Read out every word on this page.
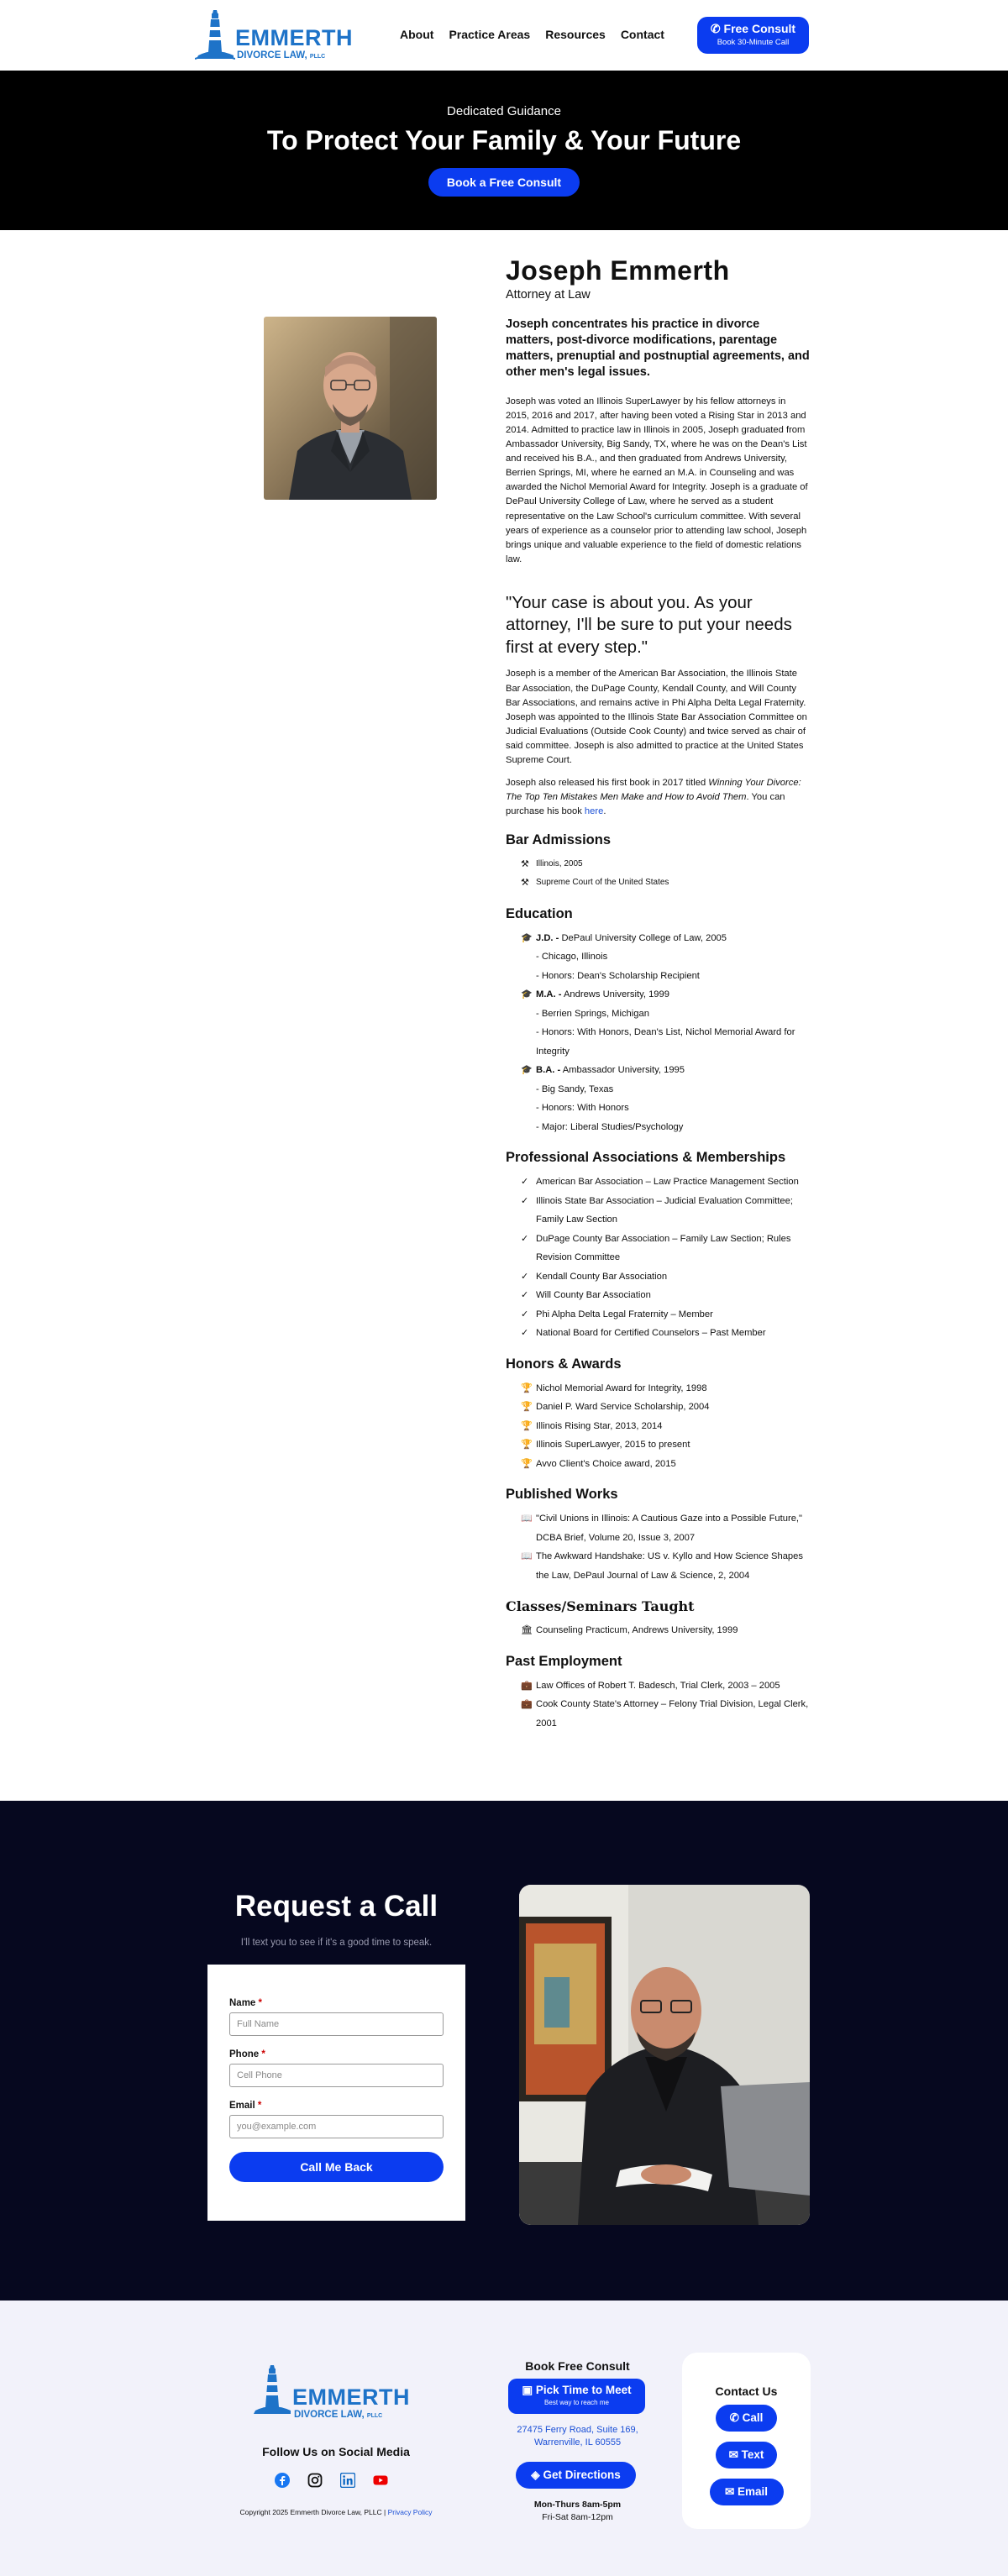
EMMERTH
DIVORCE LAW, PLLC
About Practice Areas Resources Contact	✆ Free Consult
Book 30-Minute Call
Dedicated Guidance
To Protect Your Family & Your Future
Book a Free Consult
Joseph Emmerth
Attorney at Law
Joseph concentrates his practice in divorce matters, post-divorce modifications, parentage matters, prenuptial and postnuptial agreements, and other men's legal issues.

Joseph was voted an Illinois SuperLawyer by his fellow attorneys in 2015, 2016 and 2017, after having been voted a Rising Star in 2013 and 2014. Admitted to practice law in Illinois in 2005, Joseph graduated from Ambassador University, Big Sandy, TX, where he was on the Dean's List and received his B.A., and then graduated from Andrews University, Berrien Springs, MI, where he earned an M.A. in Counseling and was awarded the Nichol Memorial Award for Integrity. Joseph is a graduate of DePaul University College of Law, where he served as a student representative on the Law School's curriculum committee. With several years of experience as a counselor prior to attending law school, Joseph brings unique and valuable experience to the field of domestic relations law.

"Your case is about you. As your attorney, I'll be sure to put your needs first at every step."

Joseph is a member of the American Bar Association, the Illinois State Bar Association, the DuPage County, Kendall County, and Will County Bar Associations, and remains active in Phi Alpha Delta Legal Fraternity. Joseph was appointed to the Illinois State Bar Association Committee on Judicial Evaluations (Outside Cook County) and twice served as chair of said committee. Joseph is also admitted to practice at the United States Supreme Court.

Joseph also released his first book in 2017 titled Winning Your Divorce: The Top Ten Mistakes Men Make and How to Avoid Them. You can purchase his book here.

Bar Admissions
⚒ Illinois, 2005
⚒ Supreme Court of the United States
Education
🎓 J.D. - DePaul University College of Law, 2005
- Chicago, Illinois
- Honors: Dean's Scholarship Recipient
🎓 M.A. - Andrews University, 1999
- Berrien Springs, Michigan
- Honors: With Honors, Dean's List, Nichol Memorial Award for
Integrity
🎓 B.A. - Ambassador University, 1995
- Big Sandy, Texas
- Honors: With Honors
- Major: Liberal Studies/Psychology
Professional Associations & Memberships
✓ American Bar Association – Law Practice Management Section
✓ Illinois State Bar Association – Judicial Evaluation Committee; Family Law Section
✓ DuPage County Bar Association – Family Law Section; Rules Revision Committee
✓ Kendall County Bar Association
✓ Will County Bar Association
✓ Phi Alpha Delta Legal Fraternity – Member
✓ National Board for Certified Counselors – Past Member
Honors & Awards
🏆 Nichol Memorial Award for Integrity, 1998
🏆 Daniel P. Ward Service Scholarship, 2004
🏆 Illinois Rising Star, 2013, 2014
🏆 Illinois SuperLawyer, 2015 to present
🏆 Avvo Client's Choice award, 2015
Published Works
📖 "Civil Unions in Illinois: A Cautious Gaze into a Possible Future," DCBA Brief, Volume 20, Issue 3, 2007
📖 The Awkward Handshake: US v. Kyllo and How Science Shapes the Law, DePaul Journal of Law & Science, 2, 2004
Classes/Seminars Taught
🏛 Counseling Practicum, Andrews University, 1999
Past Employment
💼 Law Offices of Robert T. Badesch, Trial Clerk, 2003 – 2005
💼 Cook County State's Attorney – Felony Trial Division, Legal Clerk, 2001
Request a Call
I'll text you to see if it's a good time to speak.
Name *
Full Name
Phone *
Cell Phone
Email *
you@example.com
Call Me Back
EMMERTH
DIVORCE LAW, PLLC
Follow Us on Social Media
Copyright 2025 Emmerth Divorce Law, PLLC | Privacy Policy
Book Free Consult
▣ Pick Time to Meet
Best way to reach me
27475 Ferry Road, Suite 169,
Warrenville, IL 60555
◈ Get Directions
Mon-Thurs 8am-5pm
Fri-Sat 8am-12pm
Contact Us
✆ Call
✉ Text
✉ Email
